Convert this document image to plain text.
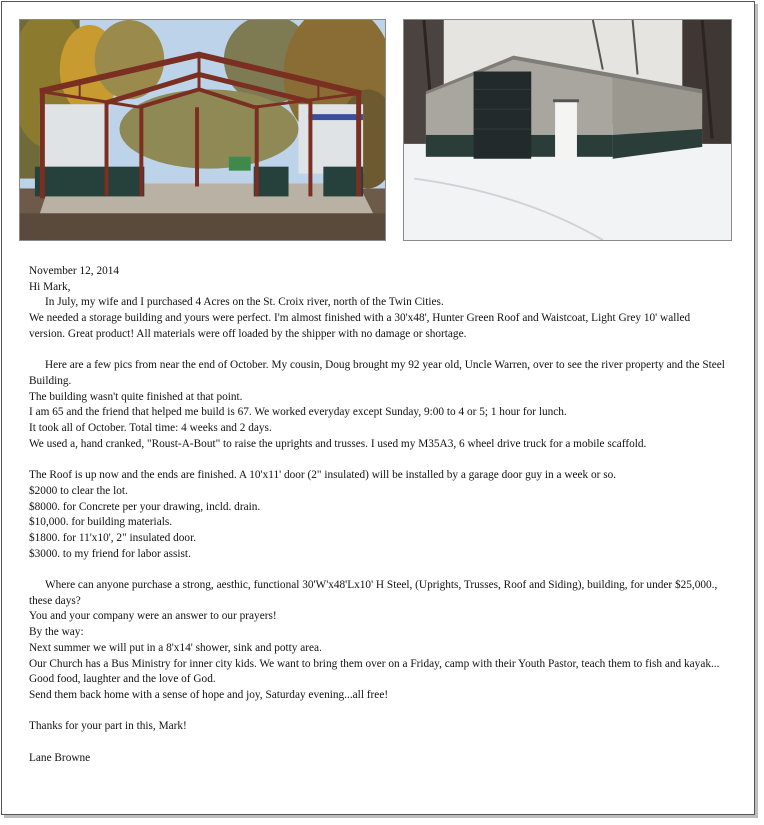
November 12, 2014

Hi Mark,

In July, my wife and I purchased 4 Acres on the St. Croix river, north of the Twin Cities.

We needed a storage building and yours were perfect. I'm almost finished with a 30'x48', Hunter Green Roof and Waistcoat, Light Grey 10' walled version. Great product! All materials were off loaded by the shipper with no damage or shortage.

Here are a few pics from near the end of October. My cousin, Doug brought my 92 year old, Uncle Warren, over to see the river property and the Steel Building.

The building wasn't quite finished at that point.

I am 65 and the friend that helped me build is 67. We worked everyday except Sunday, 9:00 to 4 or 5; 1 hour for lunch.

It took all of October. Total time: 4 weeks and 2 days.

We used a, hand cranked, "Roust-A-Bout" to raise the uprights and trusses. I used my M35A3, 6 wheel drive truck for a mobile scaffold.

The Roof is up now and the ends are finished. A 10'x11' door (2" insulated) will be installed by a garage door guy in a week or so.

$2000 to clear the lot.

$8000. for Concrete per your drawing, incld. drain.

$10,000. for building materials.

$1800. for 11'x10', 2" insulated door.

$3000. to my friend for labor assist.

Where can anyone purchase a strong, aesthic, functional 30'W'x48'Lx10' H Steel, (Uprights, Trusses, Roof and Siding), building, for under $25,000., these days?

You and your company were an answer to our prayers!

By the way:

Next summer we will put in a 8'x14' shower, sink and potty area.

Our Church has a Bus Ministry for inner city kids. We want to bring them over on a Friday, camp with their Youth Pastor, teach them to fish and kayak... Good food, laughter and the love of God.

Send them back home with a sense of hope and joy, Saturday evening...all free!

Thanks for your part in this, Mark!

Lane Browne
